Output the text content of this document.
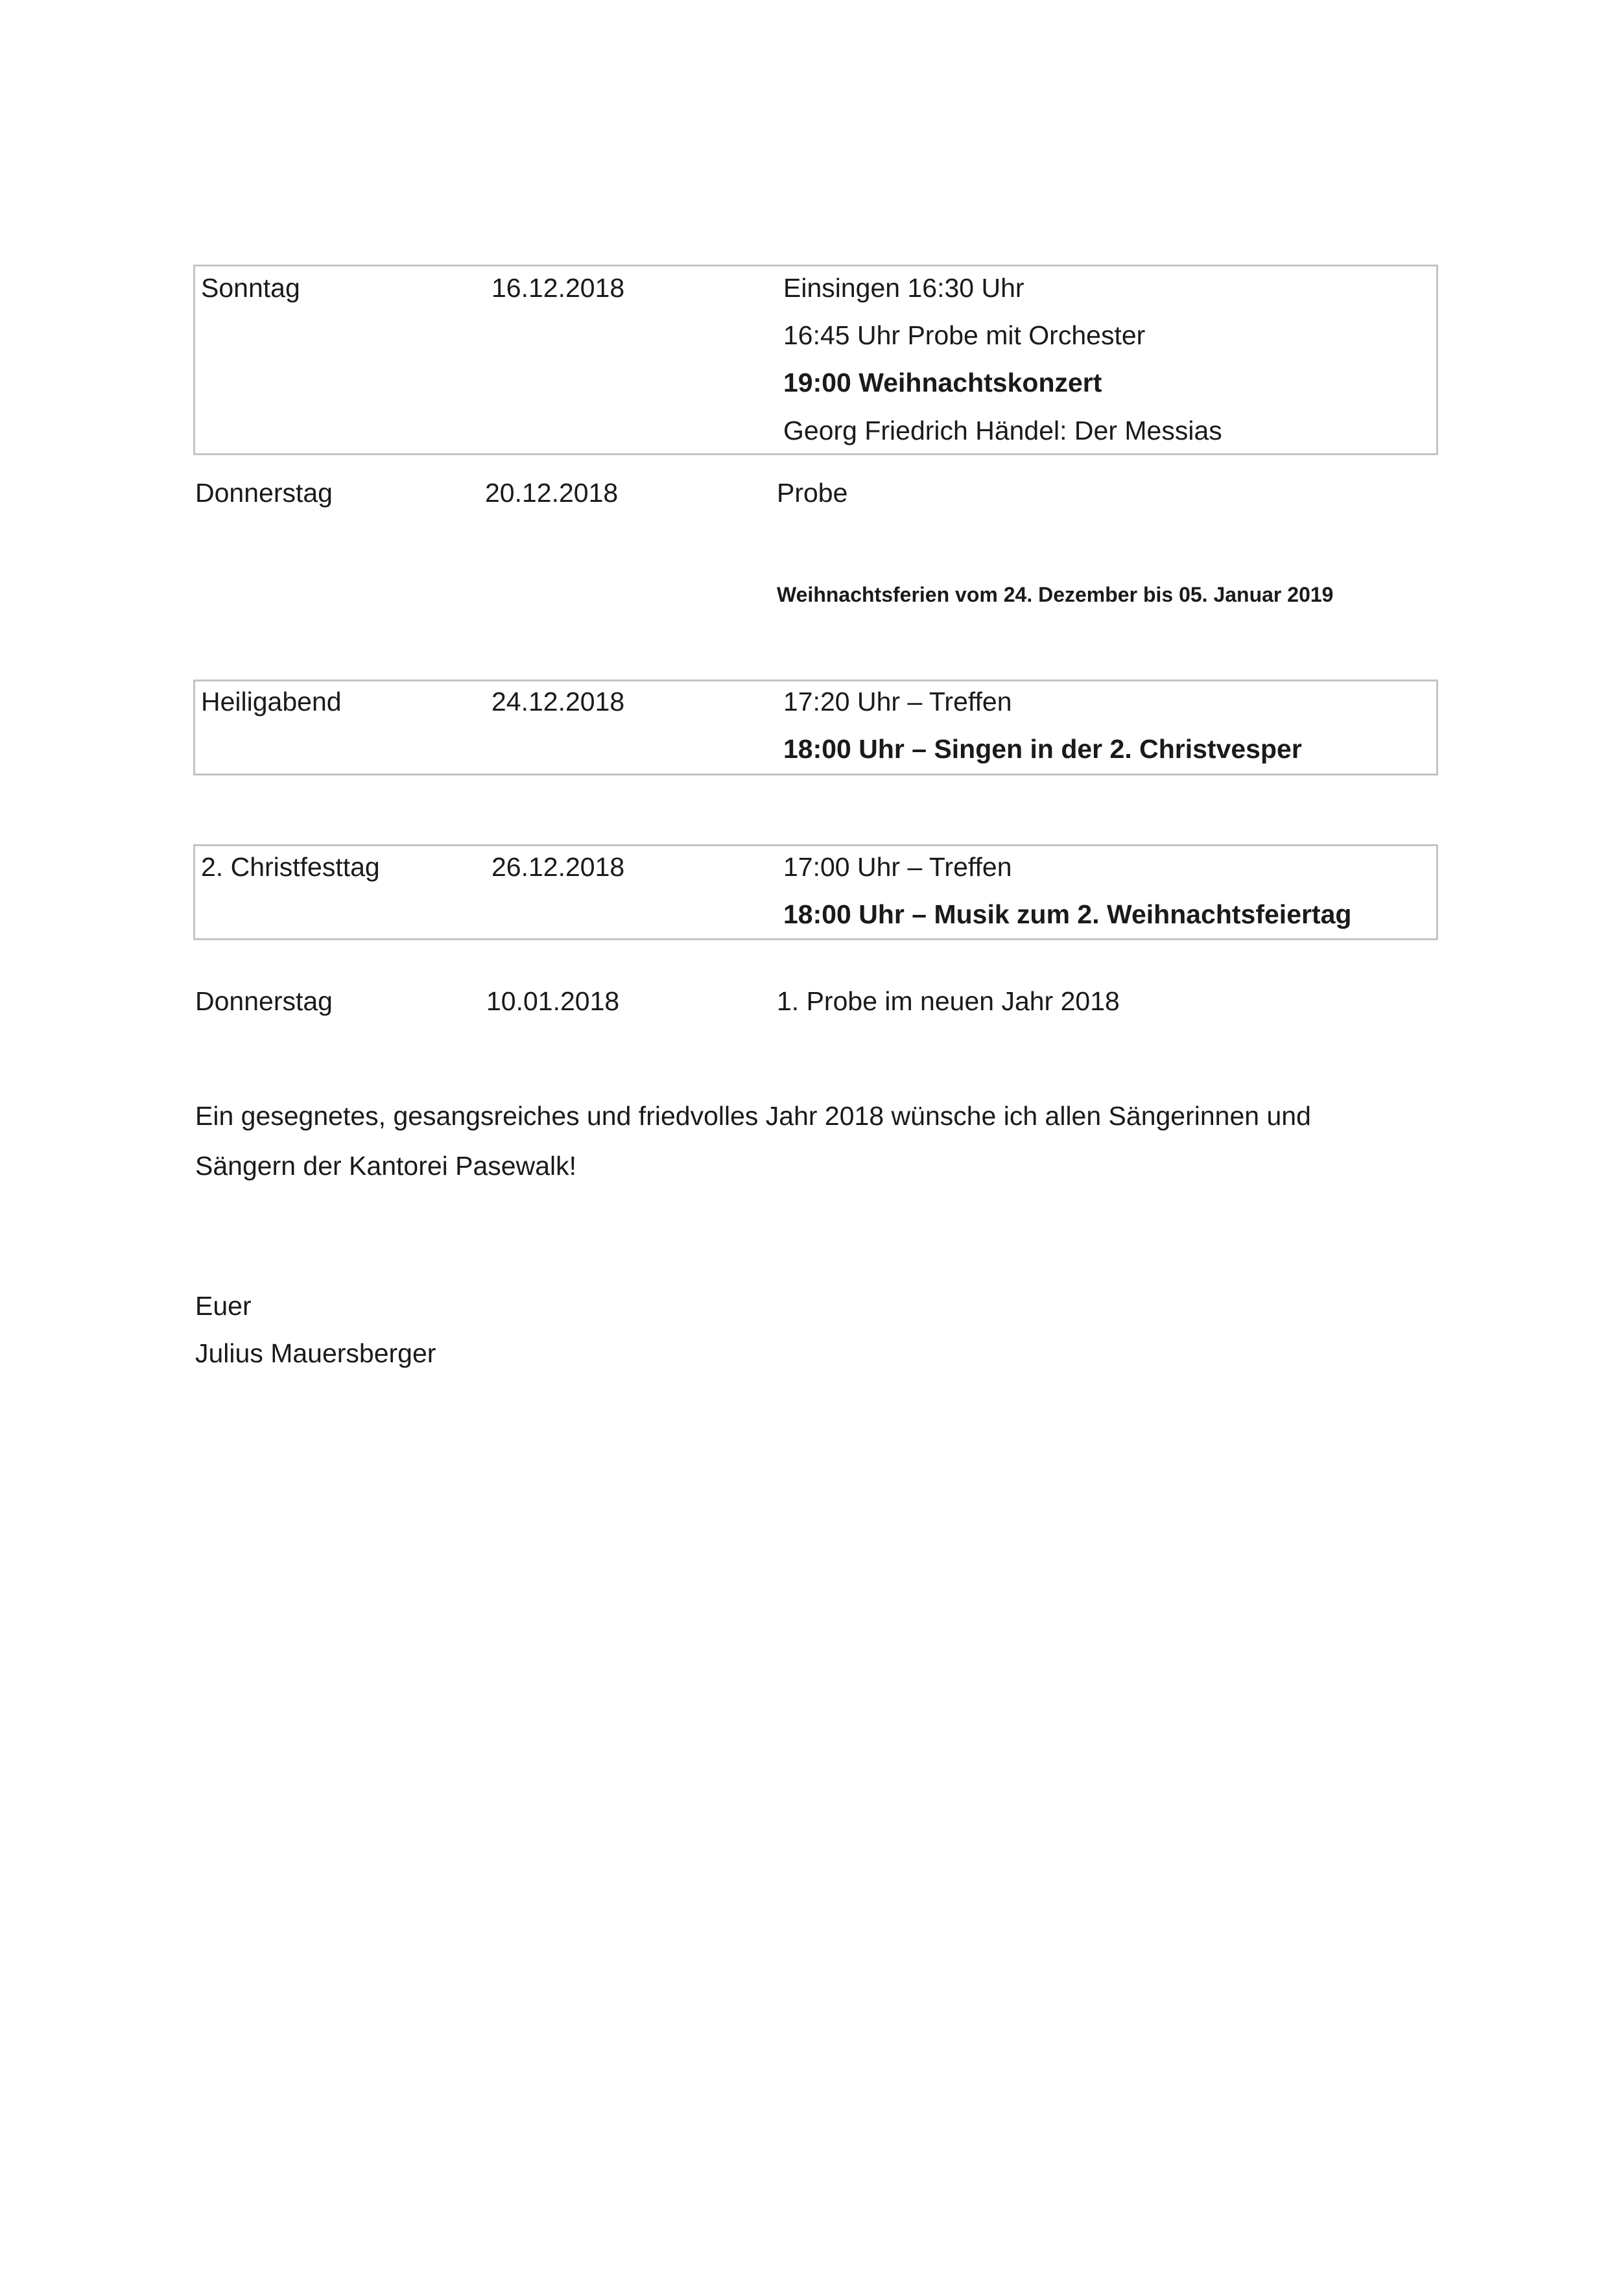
Sonntag	16.12.2018	Einsingen 16:30 Uhr
16:45 Uhr Probe mit Orchester
19:00 Weihnachtskonzert
Georg Friedrich Händel: Der Messias
Donnerstag	20.12.2018	Probe
Weihnachtsferien vom 24. Dezember bis 05. Januar 2019
Heiligabend	24.12.2018	17:20 Uhr – Treffen
18:00 Uhr – Singen in der 2. Christvesper
2. Christfesttag	26.12.2018	17:00 Uhr – Treffen
18:00 Uhr – Musik zum 2. Weihnachtsfeiertag
Donnerstag	10.01.2018	1. Probe im neuen Jahr 2018
Ein gesegnetes, gesangsreiches und friedvolles Jahr 2018 wünsche ich allen Sängerinnen und
Sängern der Kantorei Pasewalk!
Euer
Julius Mauersberger
